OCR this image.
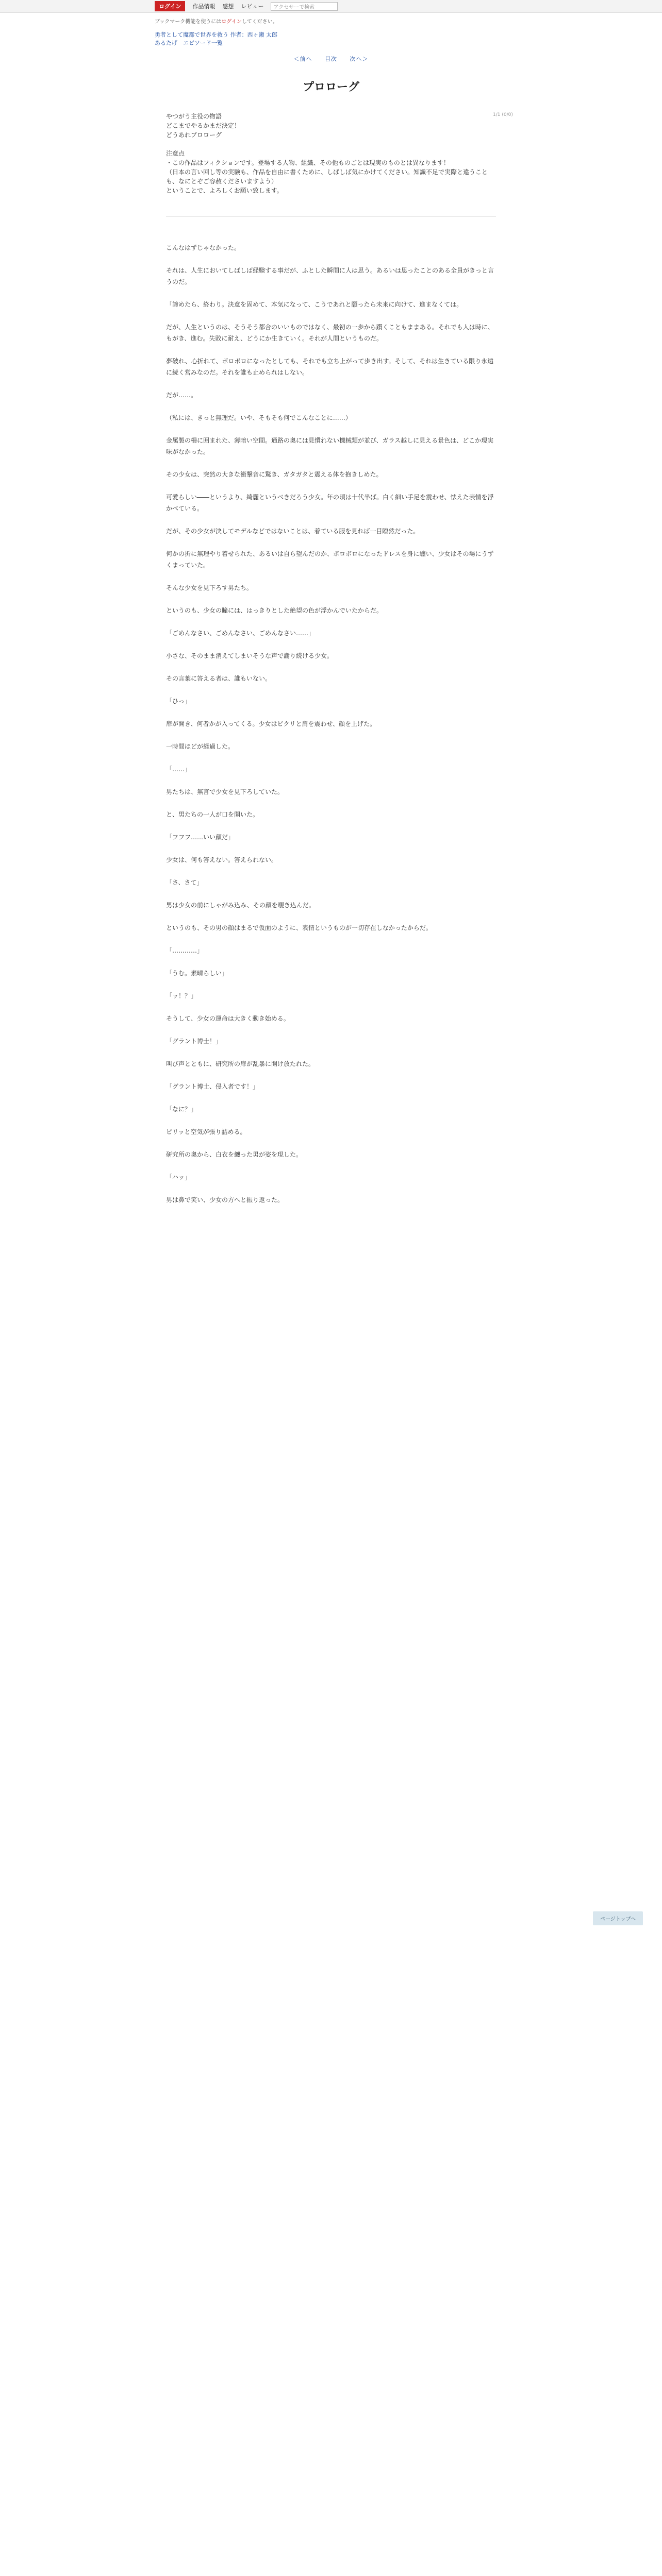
ログイン	作品情報 感想 レビュー	アクセサーで検索
ブックマーク機能を使うにはログインしてください。
勇者として魔都で世界を救う 作者：西ヶ瀬 太郎
あるたげ　エピソード一覧
＜前へ 目次 次へ＞
1/1 (0/0)
プロローグ

やつがう主役の物語

どこまでやるかまだ決定！

どうあれプロローグ

注意点

・この作品はフィクションです。登場する人物、組織、その他ものごとは現実のものとは異なります！

（日本の言い回し等の実験も、作品を自由に書くために、しばしば気にかけてください。知識不足で実際と違うことも、なにとぞご容赦くださいますよう）

ということで、よろしくお願い致します。

こんなはずじゃなかった。

それは、人生においてしばしば経験する事だが、ふとした瞬間に人は思う。あるいは思ったことのある全員がきっと言うのだ。

「諦めたら、終わり。決意を固めて、本気になって、こうであれと願ったら未来に向けて、進まなくては。

だが、人生というのは、そうそう都合のいいものではなく、最初の一歩から躓くこともままある。それでも人は時に、もがき、進む。失敗に耐え、どうにか生きていく。それが人間というものだ。

夢破れ、心折れて、ボロボロになったとしても、それでも立ち上がって歩き出す。そして、それは生きている限り永遠に続く営みなのだ。それを誰も止められはしない。

だが……。

（私には、きっと無理だ。いや、そもそも何でこんなことに……）

金属製の柵に囲まれた、薄暗い空間。通路の奥には見慣れない機械類が並び、ガラス越しに見える景色は、どこか現実味がなかった。

その少女は、突然の大きな衝撃音に驚き、ガタガタと震える体を抱きしめた。

可愛らしい――というより、綺麗というべきだろう少女。年の頃は十代半ば。白く細い手足を震わせ、怯えた表情を浮かべている。

だが、その少女が決してモデルなどではないことは、着ている服を見れば一目瞭然だった。

何かの折に無理やり着せられた、あるいは自ら望んだのか、ボロボロになったドレスを身に纏い、少女はその場にうずくまっていた。

そんな少女を見下ろす男たち。

というのも、少女の瞳には、はっきりとした絶望の色が浮かんでいたからだ。

「ごめんなさい、ごめんなさい、ごめんなさい……」

小さな、そのまま消えてしまいそうな声で謝り続ける少女。

その言葉に答える者は、誰もいない。

「ひっ」

扉が開き、何者かが入ってくる。少女はビクリと肩を震わせ、顔を上げた。

一時間ほどが経過した。

「……」

男たちは、無言で少女を見下ろしていた。

と、男たちの一人が口を開いた。

「フフフ……いい顔だ」

少女は、何も答えない。答えられない。

「さ、さて」

男は少女の前にしゃがみ込み、その顔を覗き込んだ。

というのも、その男の顔はまるで仮面のように、表情というものが一切存在しなかったからだ。

「…………」

「うむ。素晴らしい」

「ッ！？」

そうして、少女の運命は大きく動き始める。

「グラント博士！」

叫び声とともに、研究所の扉が乱暴に開け放たれた。

「グラント博士、侵入者です！」

「なに？」

ピリッと空気が張り詰める。

研究所の奥から、白衣を纏った男が姿を現した。

「ハッ」

男は鼻で笑い、少女の方へと振り返った。

ページトップへ
